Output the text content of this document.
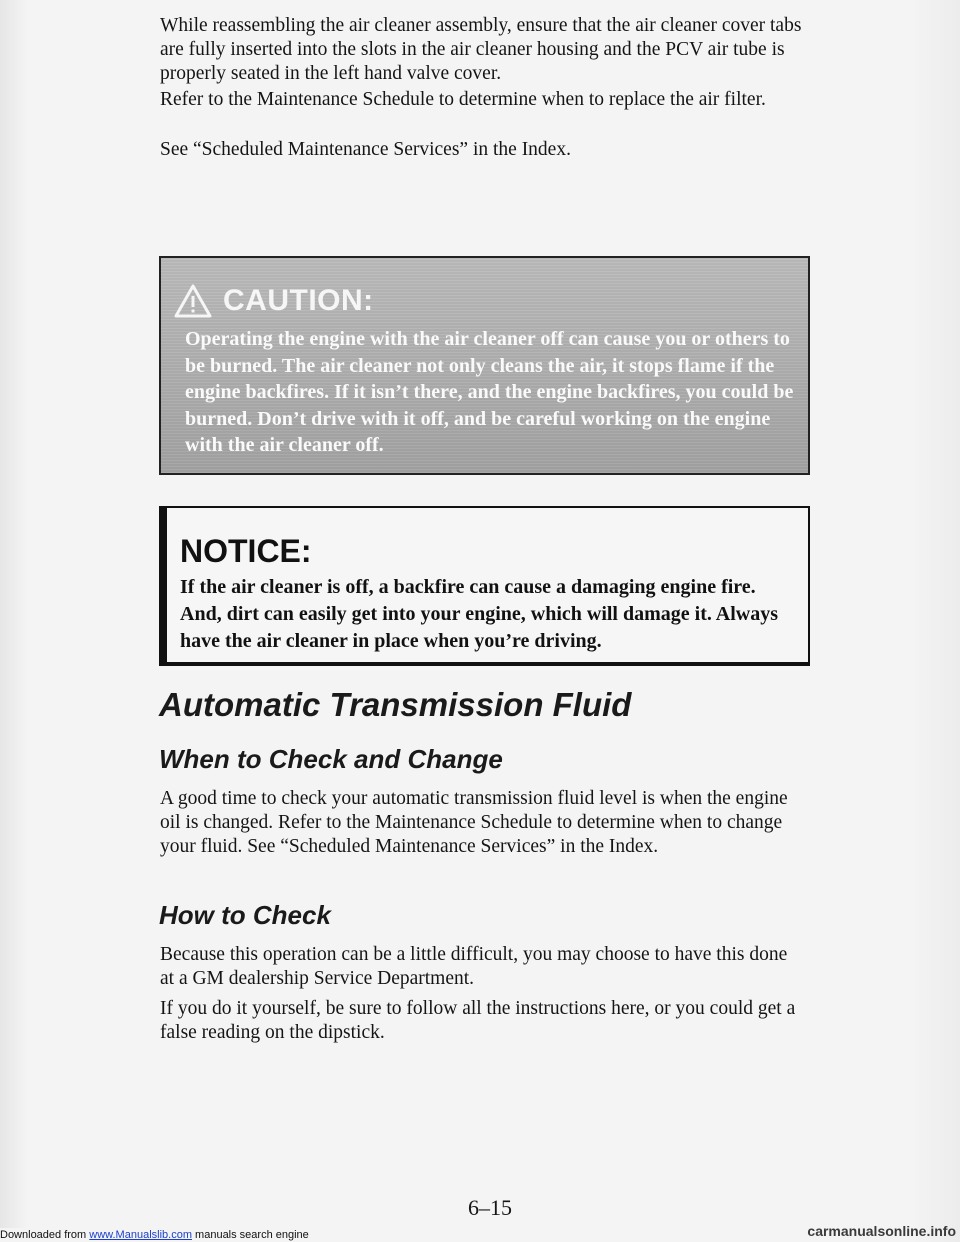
While reassembling the air cleaner assembly, ensure that the air cleaner cover tabs are fully inserted into the slots in the air cleaner housing and the PCV air tube is properly seated in the left hand valve cover.

Refer to the Maintenance Schedule to determine when to replace the air filter.

See “Scheduled Maintenance Services” in the Index.

CAUTION:

Operating the engine with the air cleaner off can cause you or others to be burned. The air cleaner not only cleans the air, it stops flame if the engine backfires. If it isn’t there, and the engine backfires, you could be burned. Don’t drive with it off, and be careful working on the engine with the air cleaner off.

NOTICE:

If the air cleaner is off, a backfire can cause a damaging engine fire. And, dirt can easily get into your engine, which will damage it. Always have the air cleaner in place when you’re driving.

Automatic Transmission Fluid
When to Check and Change

A good time to check your automatic transmission fluid level is when the engine oil is changed. Refer to the Maintenance Schedule to determine when to change your fluid. See “Scheduled Maintenance Services” in the Index.

How to Check

Because this operation can be a little difficult, you may choose to have this done at a GM dealership Service Department.

If you do it yourself, be sure to follow all the instructions here, or you could get a false reading on the dipstick.

6–15
Downloaded from www.Manualslib.com manuals search engine	carmanualsonline.info
